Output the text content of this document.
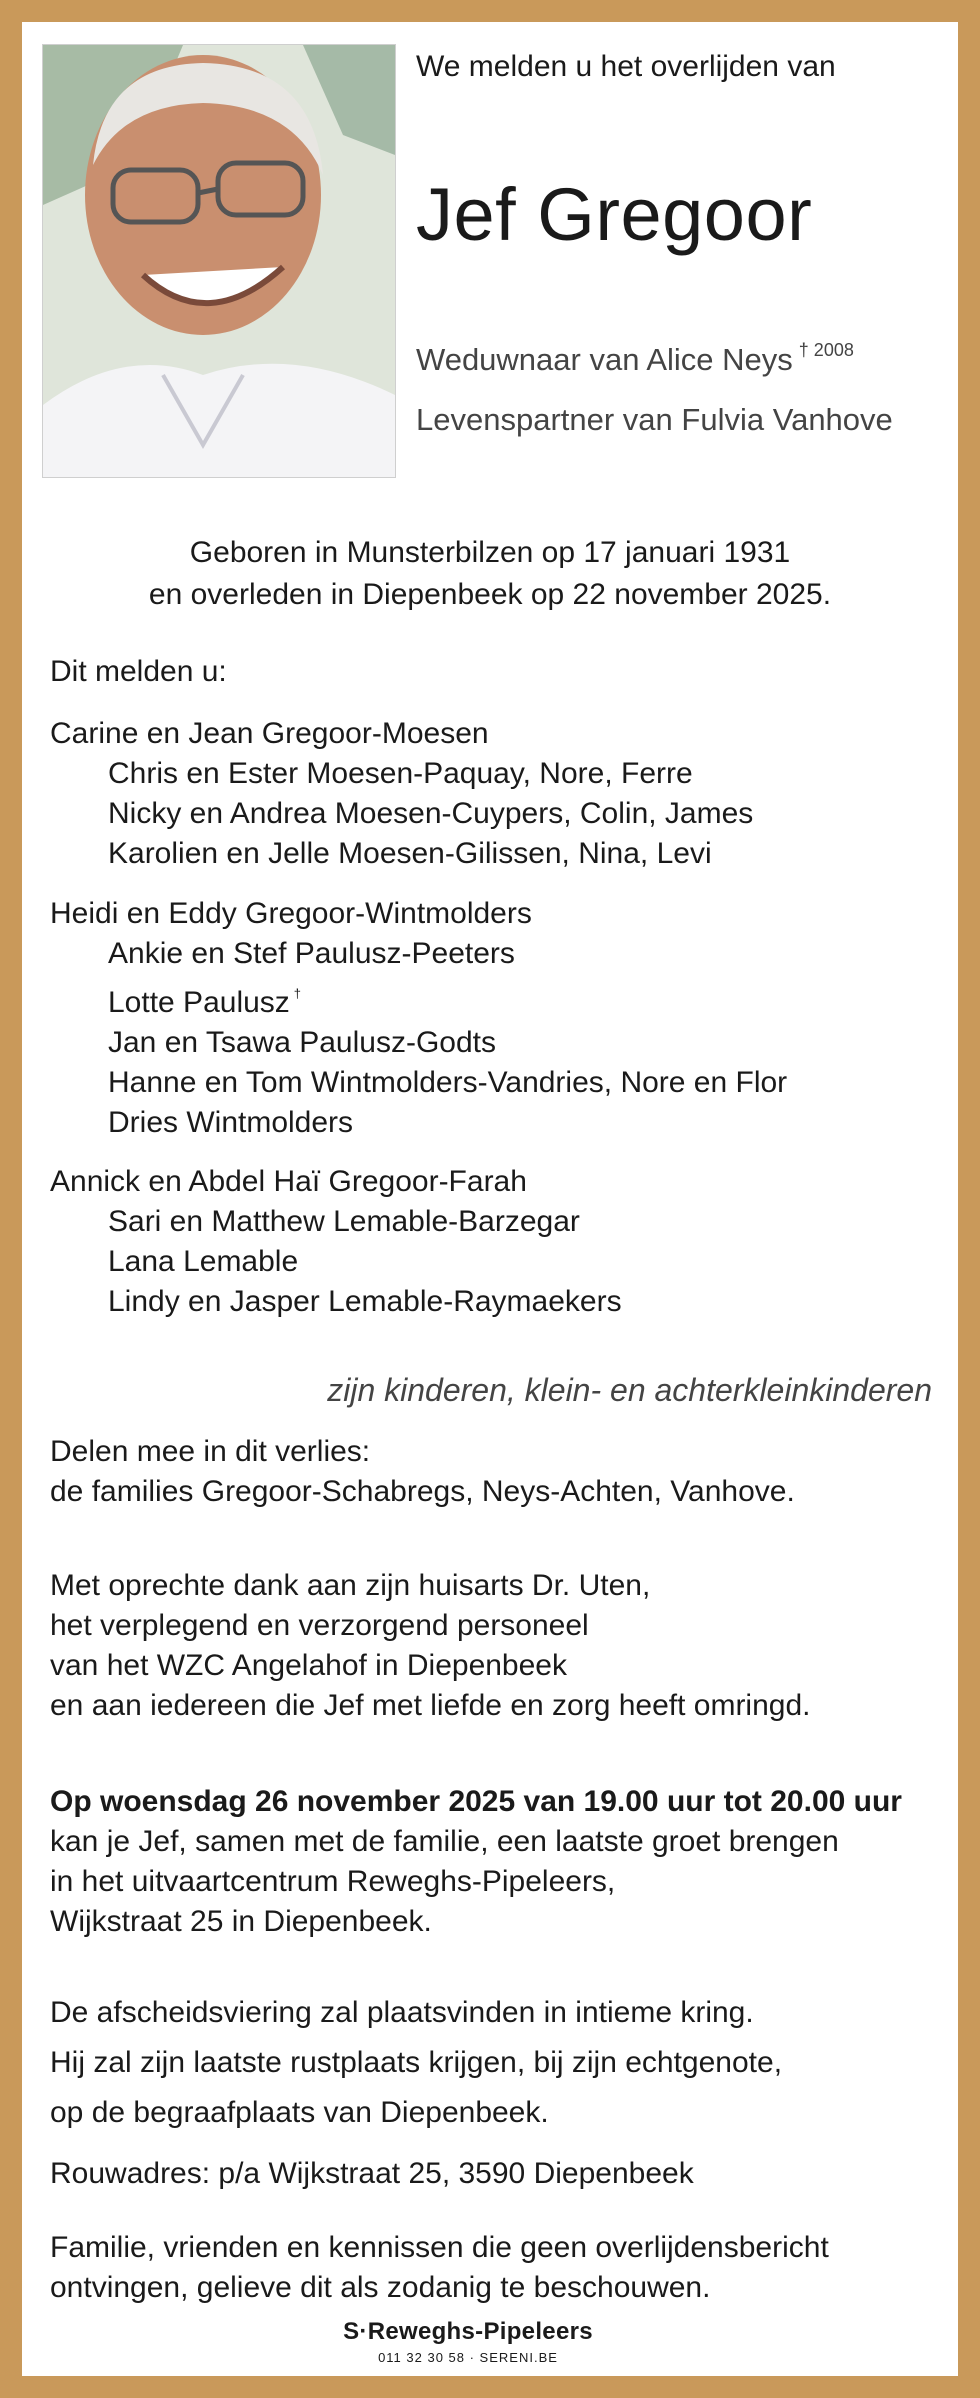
We melden u het overlijden van
Jef Gregoor
Weduwnaar van Alice Neys $^{\dagger 2008}$
Levenspartner van Fulvia Vanhove
Geboren in Munsterbilzen op 17 januari 1931
en overleden in Diepenbeek op 22 november 2025.
Dit melden u:
Carine en Jean Gregoor-Moesen
Chris en Ester Moesen-Paquay, Nore, Ferre
Nicky en Andrea Moesen-Cuypers, Colin, James
Karolien en Jelle Moesen-Gilissen, Nina, Levi
Heidi en Eddy Gregoor-Wintmolders
Ankie en Stef Paulusz-Peeters
Lotte Paulusz †
Jan en Tsawa Paulusz-Godts
Hanne en Tom Wintmolders-Vandries, Nore en Flor
Dries Wintmolders
Annick en Abdel Haï Gregoor-Farah
Sari en Matthew Lemable-Barzegar
Lana Lemable
Lindy en Jasper Lemable-Raymaekers
zijn kinderen, klein- en achterkleinkinderen
Delen mee in dit verlies:
de families Gregoor-Schabregs, Neys-Achten, Vanhove.
Met oprechte dank aan zijn huisarts Dr. Uten,
het verplegend en verzorgend personeel
van het WZC Angelahof in Diepenbeek
en aan iedereen die Jef met liefde en zorg heeft omringd.
Op woensdag 26 november 2025 van 19.00 uur tot 20.00 uur
kan je Jef, samen met de familie, een laatste groet brengen
in het uitvaartcentrum Reweghs-Pipeleers,
Wijkstraat 25 in Diepenbeek.
De afscheidsviering zal plaatsvinden in intieme kring.
Hij zal zijn laatste rustplaats krijgen, bij zijn echtgenote,
op de begraafplaats van Diepenbeek.
Rouwadres: p/a Wijkstraat 25, 3590 Diepenbeek
Familie, vrienden en kennissen die geen overlijdensbericht
ontvingen, gelieve dit als zodanig te beschouwen.
S·Reweghs-Pipeleers
011 32 30 58 · SERENI.BE
